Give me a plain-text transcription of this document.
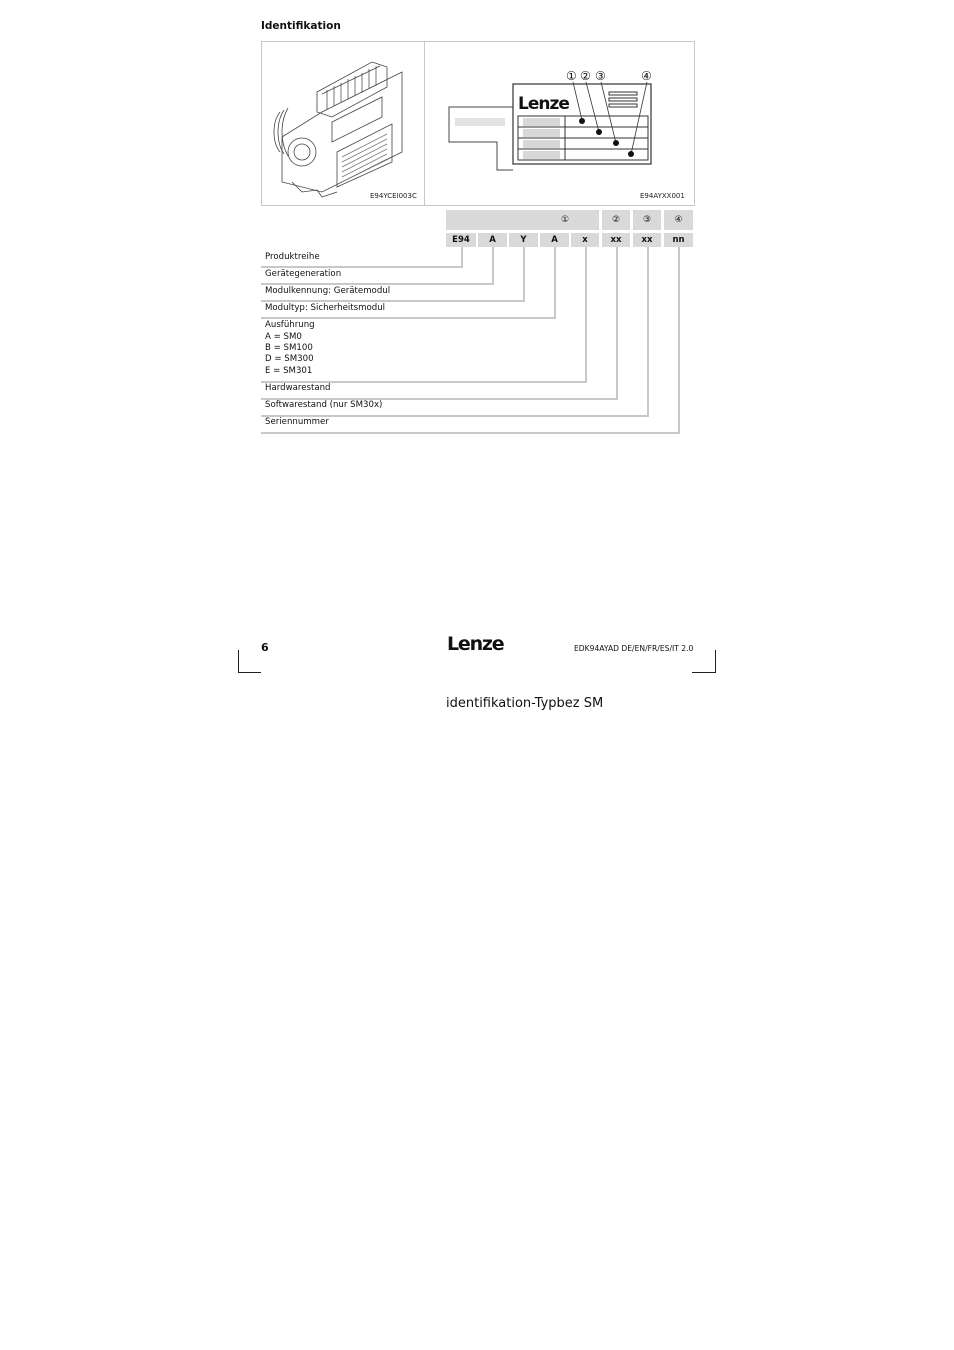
Identifikation
E94YCEI003C
Lenze
① ② ③	④
E94AYXX001
①	②	③	④
E94	A	Y	A	x	xx	xx	nn
Produktreihe
Gerätegeneration
Modulkennung: Gerätemodul
Modultyp: Sicherheitsmodul
Ausführung
A = SM0
B = SM100
D = SM300
E = SM301
Hardwarestand
Softwarestand (nur SM30x)
Seriennummer
6	Lenze	EDK94AYAD DE/EN/FR/ES/IT 2.0
identifikation-Typbez SM
